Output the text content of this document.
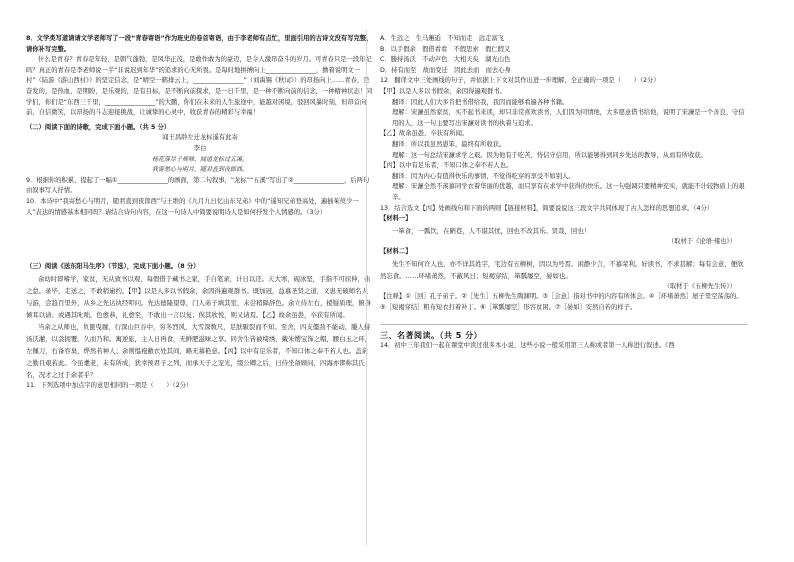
8．文学类写道请请文学老师写了一段“青春寄语”作为班史的卷首寄语，由于李老师有点忙，里面引用的古诗文没有写完整，请你补写完整。

什么是青春？青春是年轻，是朝气蓬勃，是风华正茂，是敢作敢为的豪迈，是令人激昂奋斗的岁月。可青春只是一段年纪吗？真正的青春是李老师说一半“非说迟到年华”的追求的心无所畏。是每时地拼搏向上________________，撸着说明文一村”（陆游《游山西村》）的坚定信念，是“晴空一鹤排云上，________________”（刘禹锡《秋词》）的昂扬向上……青春，是奋发的，是热血，是期盼，是乐观的，是有目标，是不断向前探求，是一日千里，是一种不断向前的信念，一种精神状态！同学们，你们是“东西三千里，________________”的大鹏，你们在未来的人生旅途中，能越对困境，驳回风暴时刻，但昂首向前，自信微笑，以昂扬的斗志迎接挑战，让诚挚的心灵中，收获青春的精彩与幸福！

（二）阅读下面的诗歌，完成下面小题。（共 5 分）

闻王昌龄左迁龙标遥有此寄

李白

杨花落尽子规啼，闻道龙标过五溪。

我寄愁心与明月，随君直到夜郎西。

9．根据你的积累，提起了一幅①________________的画面，第二句叙事，“龙标”“五溪”写出了②________________，后两句由叙事写人抒情。

10．本诗中“我寄愁心与明月，随君直到夜郎西”与王维的《九月九日忆山东兄弟》中的“遥知兄弟登高处，遍插茱萸少一人”表达的情感基本相同吗？请结合诗句内容，在这一句诗人中简要说明诗人是如何抒发个人情感的。（3分）

（三）阅读《送东阳马生序》（节选），完成下面小题。（8 分）

余幼时即嗜学，家贫，无从致书以观，每假借于藏书之家，手自笔录，计日以还。天大寒，砚冰坚，手指不可屈伸，弗之怠。录毕，走送之，不敢稍逾约。【甲】以是人多以书假余，余因得遍观群书。既加冠，益慕圣贤之道，又患无硕师名人与游，尝趋百里外，从乡之先达执经叩问。先达德隆望尊，门人弟子填其室，未尝稍降辞色。余立侍左右，援疑质理，俯身倾耳以请；或遇其叱咄，色愈恭，礼愈至，不敢出一言以复；俟其欣悦，则又请焉。【乙】故余虽愚，卒获有所闻。

当余之从师也，负箧曳屣，行深山巨谷中，穷冬烈风，大雪深数尺，足肤皲裂而不知。至舍，四支僵劲不能动，媵人持汤沃灌，以衾拥覆，久而乃和。寓逆旅，主人日再食，无鲜肥滋味之享。同舍生皆被绮绣，戴朱缨宝饰之帽，腰白玉之环，左佩刀，右备容臭，烨然若神人；余则缊袍敝衣处其间，略无慕艳意。【丙】以中有足乐者，不知口体之奉不若人也。盖余之勤且艰若此。今虽耄老，未有所成，犹幸预君子之列，而承天子之宠光，缀公卿之后，日侍坐备顾问，四海亦谬称其氏名，况才之过于余者乎？

11．下列选项中加点字的意思相同的一项是（　　）（2分）

A．生远之　生马邂逅　不知而走　远走富飞

B．以手假余　假借看看　不假思索　假仁假义

C．媵持汤沃　不动声色　大相天矣　湖光山色

D．持有而至　故而变迁　因此去而　而去心身

12．翻译文中三处画线的句子，并依据上下文对其作出进一步理解，全正确的一项是（　　）（2分）

【甲】以是人多以书假余，余因得遍观群书。

翻译：因此人们大多肯把书借给我，我因而能够看遍各种书籍。

理解：宋濂虽然家贫，买不起书来读，却只非常喜欢读书，人们因为同情他，大多愿意借书给他，说明了宋濂是一个善良、守信用的人，这一句主要写出宋濂对读书的执着与追求。

【乙】故余虽愚，卒获有所闻。

翻译：所以我虽然愚笨，最终有所收获。

理解：这一句总结宋濂求学之艰。因为他有于吃苦，恃信守信用，所以能够得到同乡先达的教导，从而有所收获。

【丙】以中有足乐者，不知口体之奉不若人也。

翻译：因为内心有值得快乐的事情，不觉得吃穿的享受不如别人。

理解：宋濂全然不羡慕同学衣着华丽的优越，而只享有在求学中获得的快乐。这一句强调只要精神充实，就能不计较物质上的艰辛。

13．结合选文【丙】处画线句和下面的两则【链接材料】，简要说说这三段文字共同体现了古人怎样的思想追求。（4分）

【材料一】

一箪食，一瓢饮，在陋巷，人不堪其忧，回也不改其乐。贤哉，回也！

（取材于《论语·雍也》）

【材料二】

先生不知何许人也，亦不详其姓字，宅边有五柳树，因以为号焉。闲静少言，不慕荣利。好读书，不求甚解；每有会意，便欣然忘食。……环堵萧然，不蔽风日；短褐穿结，箪瓢屡空，晏如也。

（取材于《五柳先生传》）

【注释】①［回］孔子弟子。②［先生］五柳先生陶渊明。③［会意］指对书中的内容有所体会。④［环堵萧然］屋子里空荡荡的。⑤［短褐穿结］粗布短衣打着补丁。⑥［箪瓢屡空］形容贫困。⑦［晏如］安然自若的样子。

三、名著阅读。（共 5 分）

14．初中三年我们一起在课堂中读过很多本小说，这些小说一般采用第三人称或者第一人称进行叙述。《西
